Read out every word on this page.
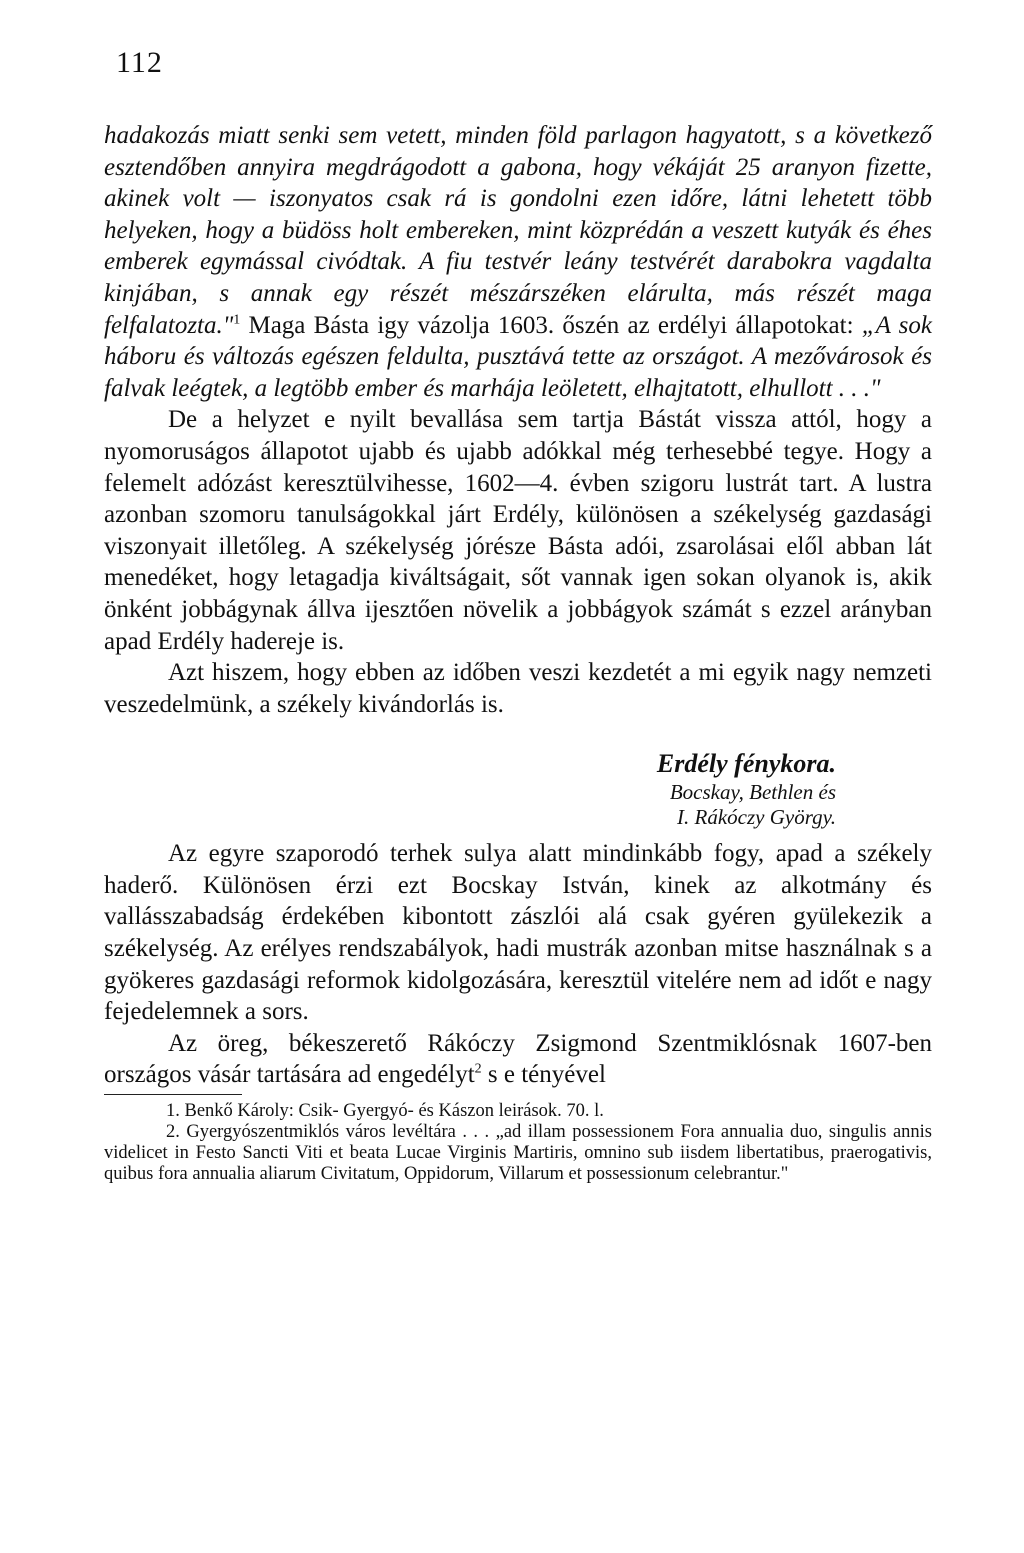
112

hadakozás miatt senki sem vetett, minden föld parlagon hagyatott, s a következő esztendőben annyira megdrágodott a gabona, hogy vékáját 25 aranyon fizette, akinek volt — iszonyatos csak rá is gondolni ezen időre, látni lehetett több helyeken, hogy a büdöss holt embereken, mint közprédán a veszett kutyák és éhes emberek egymással civódtak. A fiu testvér leány testvérét darabokra vagdalta kinjában, s annak egy részét mészárszéken elárulta, más részét maga felfalatozta."$^1$ Maga Básta igy vázolja 1603. őszén az erdélyi állapotokat: „A sok háboru és változás egészen feldulta, pusztává tette az országot. A mezővárosok és falvak leégtek, a legtöbb ember és marhája leöletett, elhajtatott, elhullott . . ."

De a helyzet e nyilt bevallása sem tartja Bástát vissza attól, hogy a nyomoruságos állapotot ujabb és ujabb adókkal még terhesebbé tegye. Hogy a felemelt adózást keresztülvihesse, 1602—4. évben szigoru lustrát tart. A lustra azonban szomoru tanulságokkal járt Erdély, különösen a székelység gazdasági viszonyait illetőleg. A székelység jórésze Básta adói, zsarolásai elől abban lát menedéket, hogy letagadja kiváltságait, sőt vannak igen sokan olyanok is, akik önként jobbágynak állva ijesztően növelik a jobbágyok számát s ezzel arányban apad Erdély haderеje is.

Azt hiszem, hogy ebben az időben veszi kezdetét a mi egyik nagy nemzeti veszedelmünk, a székely kivándorlás is.

Erdély fénykora.
Bocskay, Bethlen és
I. Rákóczy György.

Az egyre szaporodó terhek sulya alatt mindinkább fogy, apad a székely haderő. Különösen érzi ezt Bocskay István, kinek az alkotmány és vallásszabadság érdekében kibontott zászlói alá csak gyéren gyülekezik a székelység. Az erélyes rendszabályok, hadi mustrák azonban mitse használnak s a gyökeres gazdasági reformok kidolgozására, keresztül vitelére nem ad időt e nagy fejedelemnek a sors.

Az öreg, békeszerető Rákóczy Zsigmond Szentmiklósnak 1607-ben országos vásár tartására ad engedélyt$^2$ s e tényével

1. Benkő Károly: Csik- Gyergyó- és Kászon leirások. 70. l.

2. Gyergyószentmiklós város levéltára . . . „ad illam possessionem Fora annualia duo, singulis annis videlicet in Festo Sancti Viti et beata Lucae Virginis Martiris, omnino sub iisdem libertatibus, praerogativis, quibus fora annualia aliarum Civitatum, Oppidorum, Villarum et possessionum celebrantur."
